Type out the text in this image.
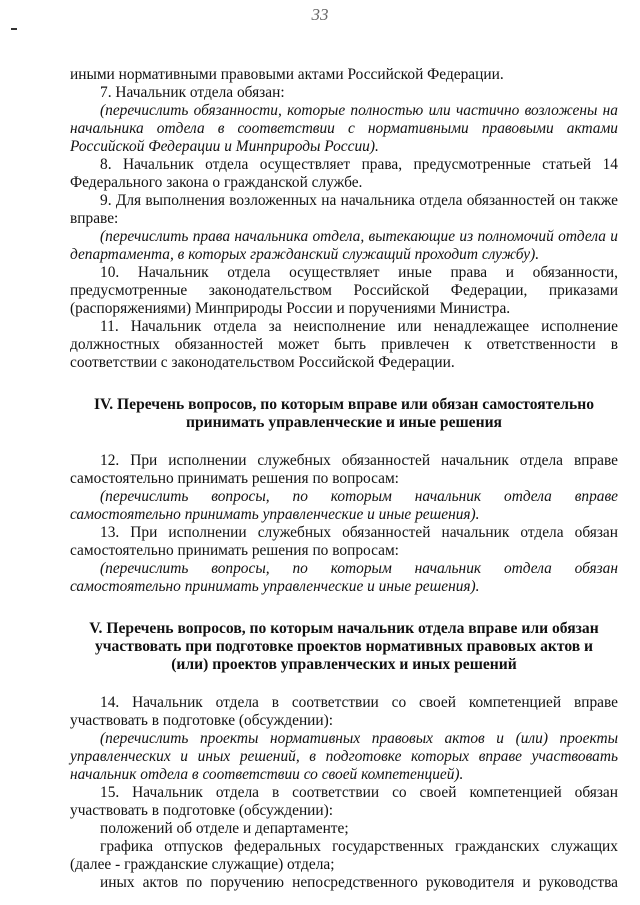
33

иными нормативными правовыми актами Российской Федерации.

7. Начальник отдела обязан:

(перечислить обязанности, которые полностью или частично возложены на начальника отдела в соответствии с нормативными правовыми актами Российской Федерации и Минприроды России).

8. Начальник отдела осуществляет права, предусмотренные статьей 14 Федерального закона о гражданской службе.

9. Для выполнения возложенных на начальника отдела обязанностей он также вправе:

(перечислить права начальника отдела, вытекающие из полномочий отдела и департамента, в которых гражданский служащий проходит службу).

10. Начальник отдела осуществляет иные права и обязанности, предусмотренные законодательством Российской Федерации, приказами (распоряжениями) Минприроды России и поручениями Министра.

11. Начальник отдела за неисполнение или ненадлежащее исполнение должностных обязанностей может быть привлечен к ответственности в соответствии с законодательством Российской Федерации.

IV. Перечень вопросов, по которым вправе или обязан самостоятельно принимать управленческие и иные решения

12. При исполнении служебных обязанностей начальник отдела вправе самостоятельно принимать решения по вопросам:

(перечислить вопросы, по которым начальник отдела вправе самостоятельно принимать управленческие и иные решения).

13. При исполнении служебных обязанностей начальник отдела обязан самостоятельно принимать решения по вопросам:

(перечислить вопросы, по которым начальник отдела обязан самостоятельно принимать управленческие и иные решения).

V. Перечень вопросов, по которым начальник отдела вправе или обязан участвовать при подготовке проектов нормативных правовых актов и (или) проектов управленческих и иных решений

14. Начальник отдела в соответствии со своей компетенцией вправе участвовать в подготовке (обсуждении):

(перечислить проекты нормативных правовых актов и (или) проекты управленческих и иных решений, в подготовке которых вправе участвовать начальник отдела в соответствии со своей компетенцией).

15. Начальник отдела в соответствии со своей компетенцией обязан участвовать в подготовке (обсуждении):

положений об отделе и департаменте;

графика отпусков федеральных государственных гражданских служащих (далее - гражданские служащие) отдела;

иных актов по поручению непосредственного руководителя и руководства
